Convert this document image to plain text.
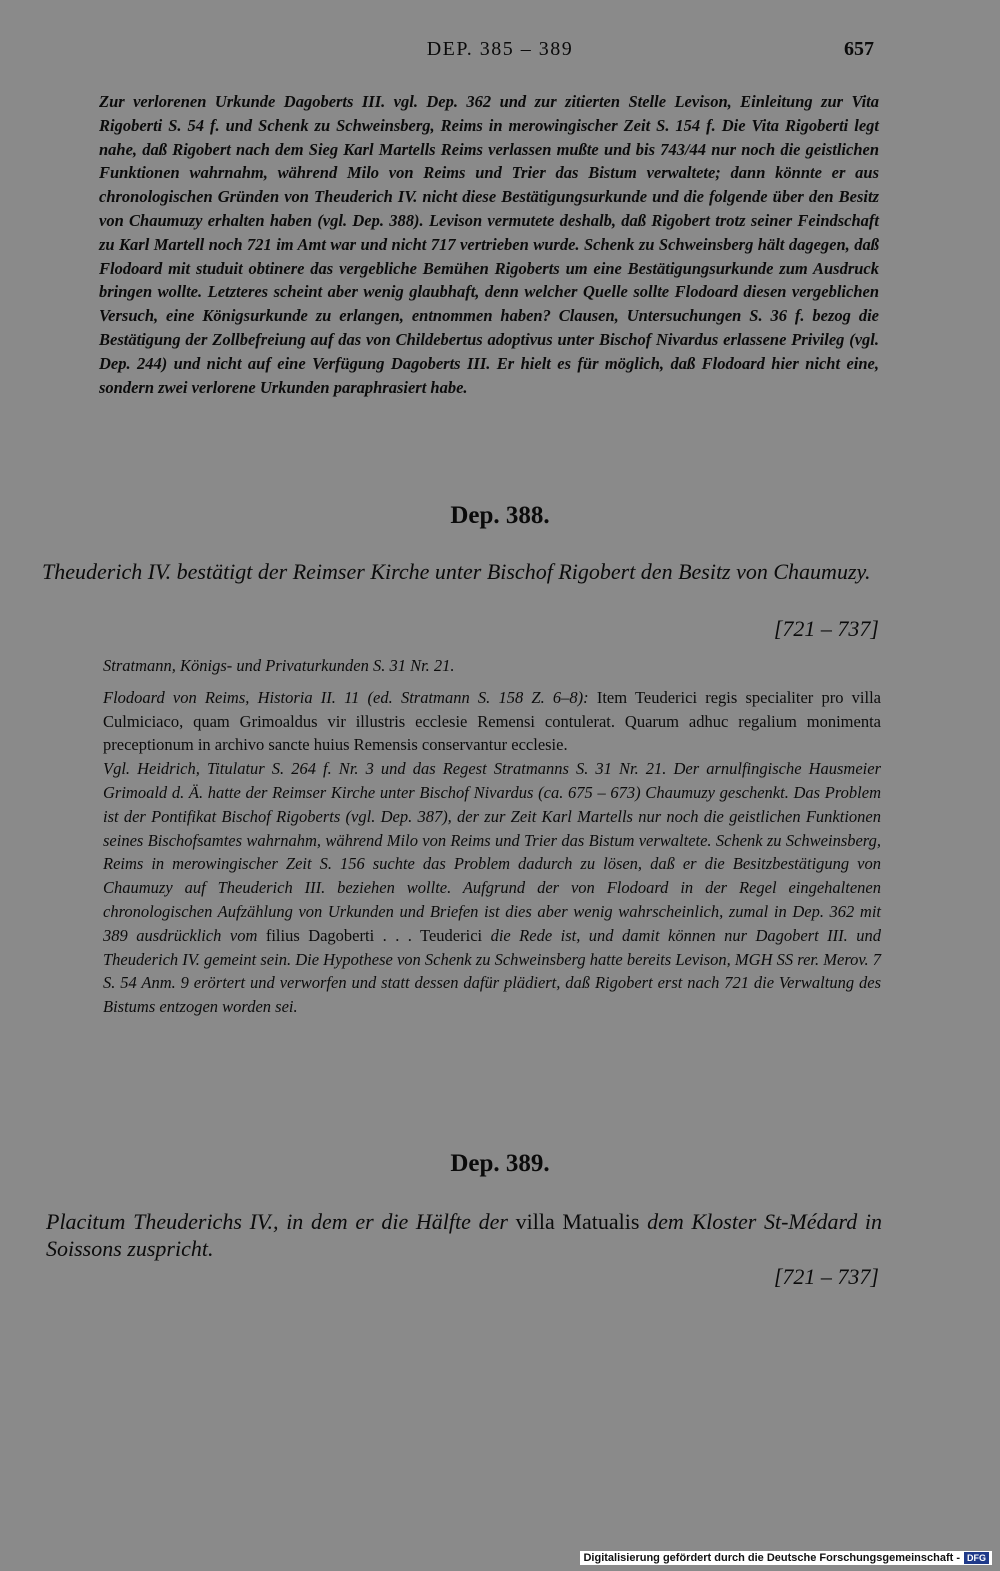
DEP. 385 – 389	657

Zur verlorenen Urkunde Dagoberts III. vgl. Dep. 362 und zur zitierten Stelle Levison, Einleitung zur Vita Rigoberti S. 54 f. und Schenk zu Schweinsberg, Reims in merowingischer Zeit S. 154 f. Die Vita Rigoberti legt nahe, daß Rigobert nach dem Sieg Karl Martells Reims verlassen mußte und bis 743/44 nur noch die geistlichen Funktionen wahrnahm, während Milo von Reims und Trier das Bistum verwaltete; dann könnte er aus chronologischen Gründen von Theuderich IV. nicht diese Bestätigungsurkunde und die folgende über den Besitz von Chaumuzy erhalten haben (vgl. Dep. 388). Levison vermutete deshalb, daß Rigobert trotz seiner Feindschaft zu Karl Martell noch 721 im Amt war und nicht 717 vertrieben wurde. Schenk zu Schweinsberg hält dagegen, daß Flodoard mit studuit obtinere das vergebliche Bemühen Rigoberts um eine Bestätigungsurkunde zum Ausdruck bringen wollte. Letzteres scheint aber wenig glaubhaft, denn welcher Quelle sollte Flodoard diesen vergeblichen Versuch, eine Königsurkunde zu erlangen, entnommen haben? Clausen, Untersuchungen S. 36 f. bezog die Bestätigung der Zollbefreiung auf das von Childebertus adoptivus unter Bischof Nivardus erlassene Privileg (vgl. Dep. 244) und nicht auf eine Verfügung Dagoberts III. Er hielt es für möglich, daß Flodoard hier nicht eine, sondern zwei verlorene Urkunden paraphrasiert habe.

Dep. 388.

Theuderich IV. bestätigt der Reimser Kirche unter Bischof Rigobert den Besitz von Chaumuzy.

[721 – 737]

Stratmann, Königs- und Privaturkunden S. 31 Nr. 21.

Flodoard von Reims, Historia II. 11 (ed. Stratmann S. 158 Z. 6–8): Item Teuderici regis specialiter pro villa Culmiciaco, quam Grimoaldus vir illustris ecclesie Remensi contulerat. Quarum adhuc regalium monimenta preceptionum in archivo sancte huius Remensis conservantur ecclesie.

Vgl. Heidrich, Titulatur S. 264 f. Nr. 3 und das Regest Stratmanns S. 31 Nr. 21. Der arnulfingische Hausmeier Grimoald d. Ä. hatte der Reimser Kirche unter Bischof Nivardus (ca. 675 – 673) Chaumuzy geschenkt. Das Problem ist der Pontifikat Bischof Rigoberts (vgl. Dep. 387), der zur Zeit Karl Martells nur noch die geistlichen Funktionen seines Bischofsamtes wahrnahm, während Milo von Reims und Trier das Bistum verwaltete. Schenk zu Schweinsberg, Reims in merowingischer Zeit S. 156 suchte das Problem dadurch zu lösen, daß er die Besitzbestätigung von Chaumuzy auf Theuderich III. beziehen wollte. Aufgrund der von Flodoard in der Regel eingehaltenen chronologischen Aufzählung von Urkunden und Briefen ist dies aber wenig wahrscheinlich, zumal in Dep. 362 mit 389 ausdrücklich vom filius Dagoberti . . . Teuderici die Rede ist, und damit können nur Dagobert III. und Theuderich IV. gemeint sein. Die Hypothese von Schenk zu Schweinsberg hatte bereits Levison, MGH SS rer. Merov. 7 S. 54 Anm. 9 erörtert und verworfen und statt dessen dafür plädiert, daß Rigobert erst nach 721 die Verwaltung des Bistums entzogen worden sei.

Dep. 389.

Placitum Theuderichs IV., in dem er die Hälfte der villa Matualis dem Kloster St-Médard in Soissons zuspricht.

[721 – 737]
Digitalisierung gefördert durch die Deutsche Forschungsgemeinschaft - DFG
